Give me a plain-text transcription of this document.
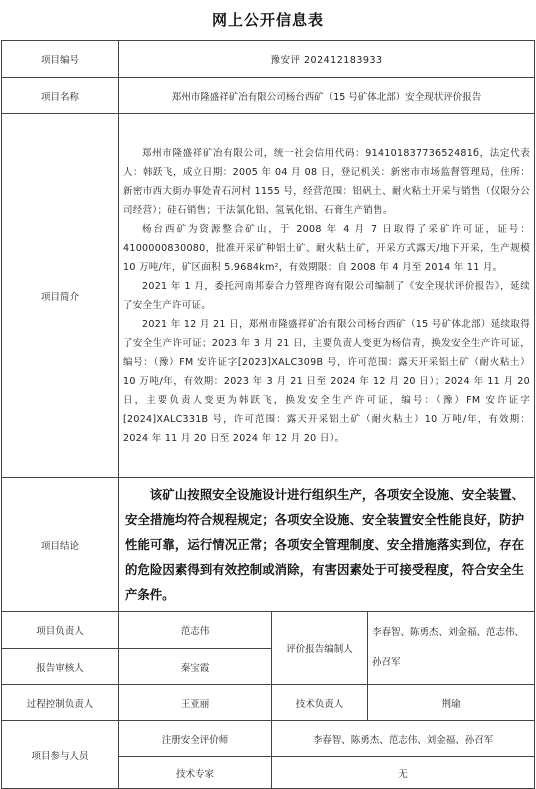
网上公开信息表
项目编号	豫安评 202412183933		
项目名称	郑州市隆盛祥矿冶有限公司杨台西矿（15 号矿体北部）安全现状评价报告		
项目简介	郑州市隆盛祥矿冶有限公司，统一社会信用代码：91410183773652481б，法定代表人：韩跃飞，成立日期：2005 年 04 月 08 日，登记机关：新密市市场监督管理局，住所：新密市西大街办事处青石河村 1155 号，经营范围：铝矾土、耐火粘土开采与销售（仅限分公司经营）；硅石销售；干法氯化铝、氢氧化铝、石膏生产销售。

杨台西矿为资源整合矿山，于 2008 年 4 月 7 日取得了采矿许可证，证号：4100000830080，批准开采矿种铝土矿、耐火粘土矿，开采方式露天/地下开采，生产规模 10 万吨/年，矿区面积 5.9684km²，有效期限：自 2008 年 4 月至 2014 年 11 月。

2021 年 1 月，委托河南邦泰合力管理咨询有限公司编制了《安全现状评价报告》，延续了安全生产许可证。

2021 年 12 月 21 日，郑州市隆盛祥矿冶有限公司杨台西矿（15 号矿体北部）延续取得了安全生产许可证；2023 年 3 月 21 日，主要负责人变更为杨信青，换发安全生产许可证，编号：（豫）FM 安许证字[2023]XALC309B 号，许可范围：露天开采铝土矿（耐火粘土）10 万吨/年，有效期：2023 年 3 月 21 日至 2024 年 12 月 20 日）；2024 年 11 月 20 日，主要负责人变更为韩跃飞，换发安全生产许可证，编号：（豫）FM 安许证字[2024]XALC331B 号，许可范围：露天开采铝土矿（耐火粘土）10 万吨/年，有效期：2024 年 11 月 20 日至 2024 年 12 月 20 日）。		

项目结论	该矿山按照安全设施设计进行组织生产，各项安全设施、安全装置、安全措施均符合规程规定；各项安全设施、安全装置安全性能良好，防护性能可靠，运行情况正常；各项安全管理制度、安全措施落实到位，存在的危险因素得到有效控制或消除，有害因素处于可接受程度，符合安全生产条件。		

项目负责人	范志伟	评价报告编制人	李春智、陈勇杰、刘金福、范志伟、孙召军
报告审核人	秦宝霞		
过程控制负责人	王亚丽	技术负责人	荆瑜
项目参与人员	注册安全评价师	李春智、陈勇杰、范志伟、刘金福、孙召军	
	技术专家	无	
